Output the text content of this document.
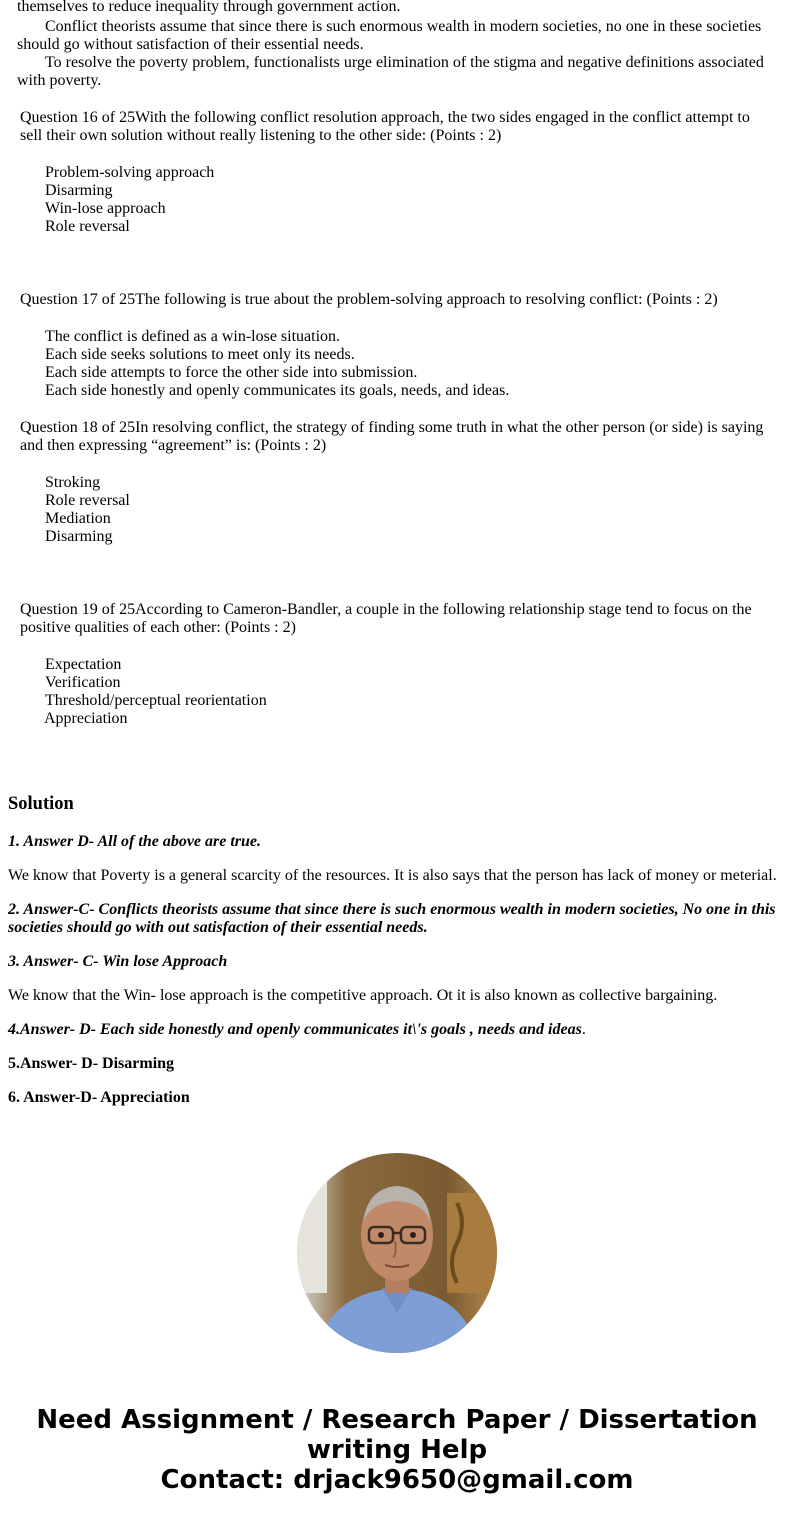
themselves to reduce inequality through government action.
Conflict theorists assume that since there is such enormous wealth in modern societies, no one in these societies should go without satisfaction of their essential needs.
To resolve the poverty problem, functionalists urge elimination of the stigma and negative definitions associated with poverty.
Question 16 of 25With the following conflict resolution approach, the two sides engaged in the conflict attempt to sell their own solution without really listening to the other side: (Points : 2)
Problem-solving approach
Disarming
Win-lose approach
Role reversal
Question 17 of 25The following is true about the problem-solving approach to resolving conflict: (Points : 2)
The conflict is defined as a win-lose situation.
Each side seeks solutions to meet only its needs.
Each side attempts to force the other side into submission.
Each side honestly and openly communicates its goals, needs, and ideas.
Question 18 of 25In resolving conflict, the strategy of finding some truth in what the other person (or side) is saying and then expressing “agreement” is: (Points : 2)
Stroking
Role reversal
Mediation
Disarming
Question 19 of 25According to Cameron-Bandler, a couple in the following relationship stage tend to focus on the positive qualities of each other: (Points : 2)
Expectation
Verification
Threshold/perceptual reorientation
Appreciation
Solution
1. Answer D- All of the above are true.
We know that Poverty is a general scarcity of the resources. It is also says that the person has lack of money or meterial.
2. Answer-C- Conflicts theorists assume that since there is such enormous wealth in modern societies, No one in this societies should go with out satisfaction of their essential needs.
3. Answer- C- Win lose Approach
We know that the Win- lose approach is the competitive approach. Ot it is also known as collective bargaining.
4.Answer- D- Each side honestly and openly communicates it\'s goals , needs and ideas.
5.Answer- D- Disarming
6. Answer-D- Appreciation
Need Assignment / Research Paper / Dissertation writing Help
Contact: drjack9650@gmail.com
